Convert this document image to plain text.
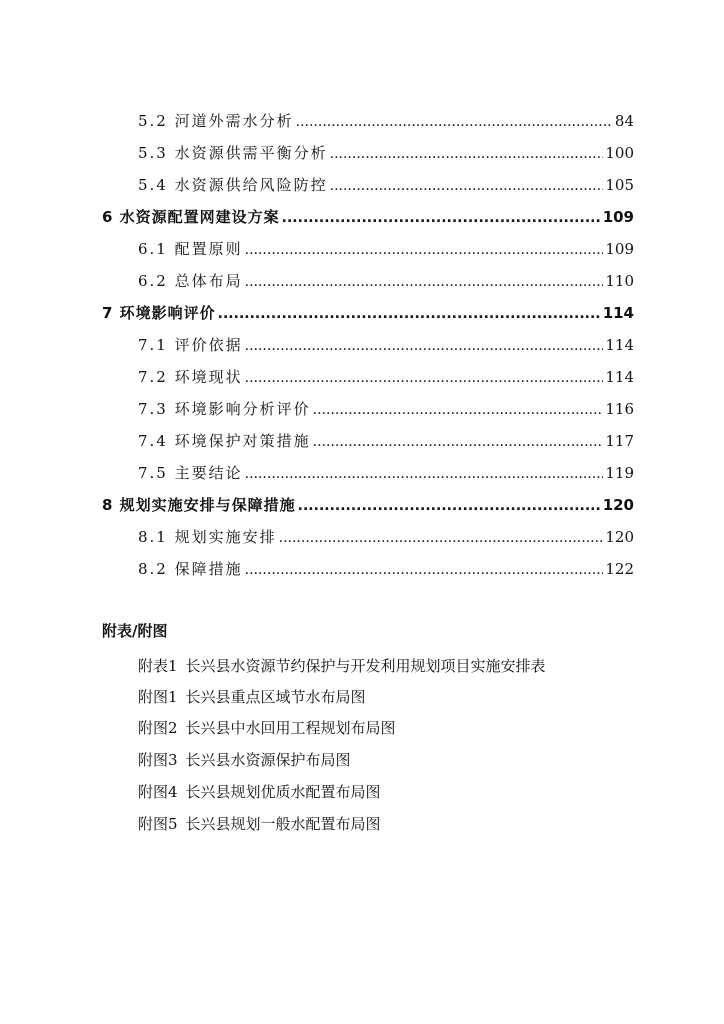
5.2 河道外需水分析 .....	84
5.3 水资源供需平衡分析 .....	100
5.4 水资源供给风险防控 .....	105
6 水资源配置网建设方案 .....	109
6.1 配置原则 .....	109
6.2 总体布局 .....	110
7 环境影响评价 .....	114
7.1 评价依据 .....	114
7.2 环境现状 .....	114
7.3 环境影响分析评价 .....	116
7.4 环境保护对策措施 .....	117
7.5 主要结论 .....	119
8 规划实施安排与保障措施 .....	120
8.1 规划实施安排 .....	120
8.2 保障措施 .....	122
附表/附图
附表1 长兴县水资源节约保护与开发利用规划项目实施安排表
附图1 长兴县重点区域节水布局图
附图2 长兴县中水回用工程规划布局图
附图3 长兴县水资源保护布局图
附图4 长兴县规划优质水配置布局图
附图5 长兴县规划一般水配置布局图
